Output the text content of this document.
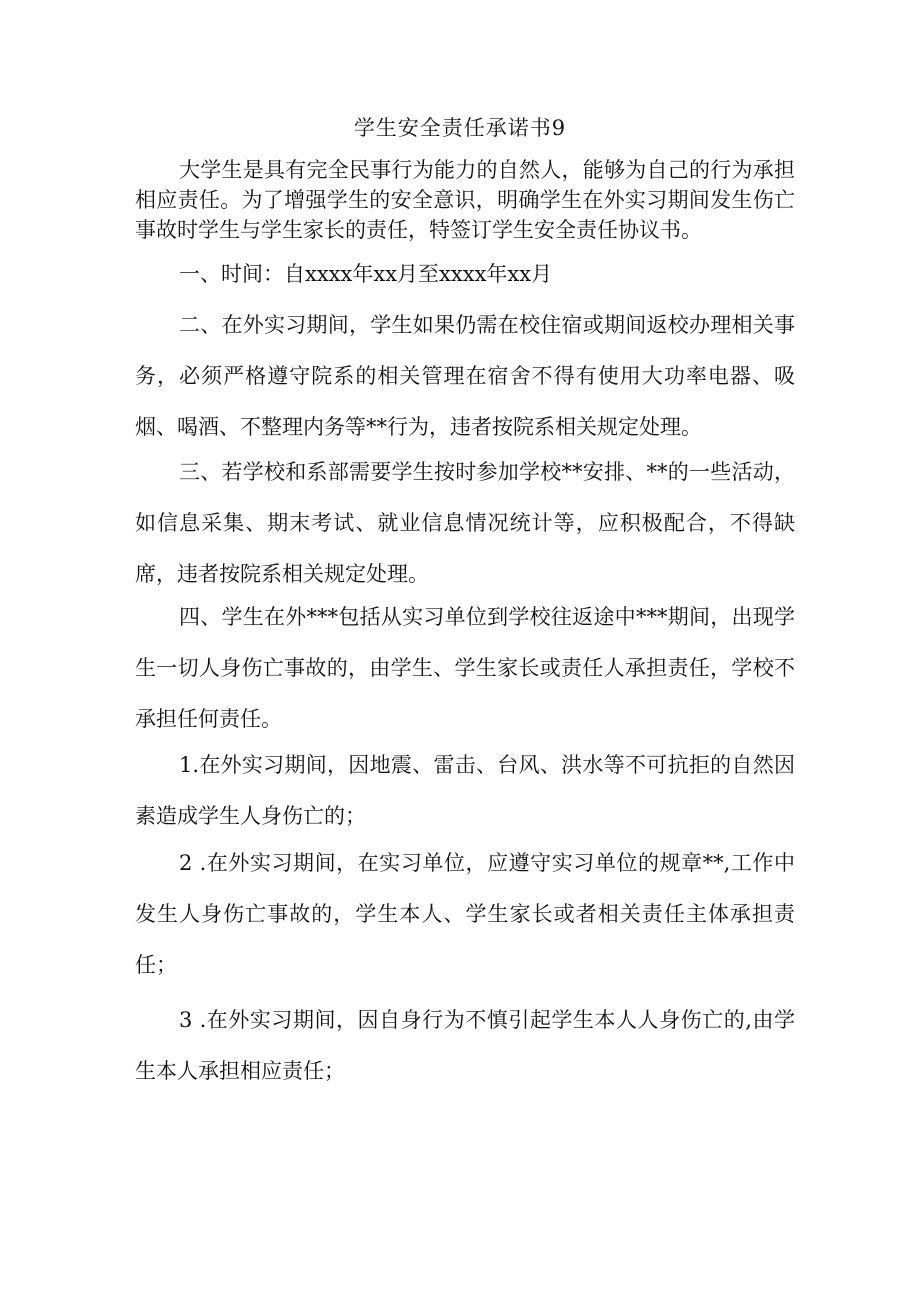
学生安全责任承诺书9

大学生是具有完全民事行为能力的自然人，能够为自己的行为承担相应责任。为了增强学生的安全意识，明确学生在外实习期间发生伤亡事故时学生与学生家长的责任，特签订学生安全责任协议书。

一、时间：自xxxx年xx月至xxxx年xx月

二、在外实习期间，学生如果仍需在校住宿或期间返校办理相关事务，必须严格遵守院系的相关管理在宿舍不得有使用大功率电器、吸烟、喝酒、不整理内务等**行为，违者按院系相关规定处理。

三、若学校和系部需要学生按时参加学校**安排、**的一些活动，如信息采集、期末考试、就业信息情况统计等，应积极配合，不得缺席，违者按院系相关规定处理。

四、学生在外***包括从实习单位到学校往返途中***期间，出现学生一切人身伤亡事故的，由学生、学生家长或责任人承担责任，学校不承担任何责任。

1.在外实习期间，因地震、雷击、台风、洪水等不可抗拒的自然因素造成学生人身伤亡的；

2 .在外实习期间，在实习单位，应遵守实习单位的规章**,工作中发生人身伤亡事故的，学生本人、学生家长或者相关责任主体承担责任；

3 .在外实习期间，因自身行为不慎引起学生本人人身伤亡的,由学生本人承担相应责任；
